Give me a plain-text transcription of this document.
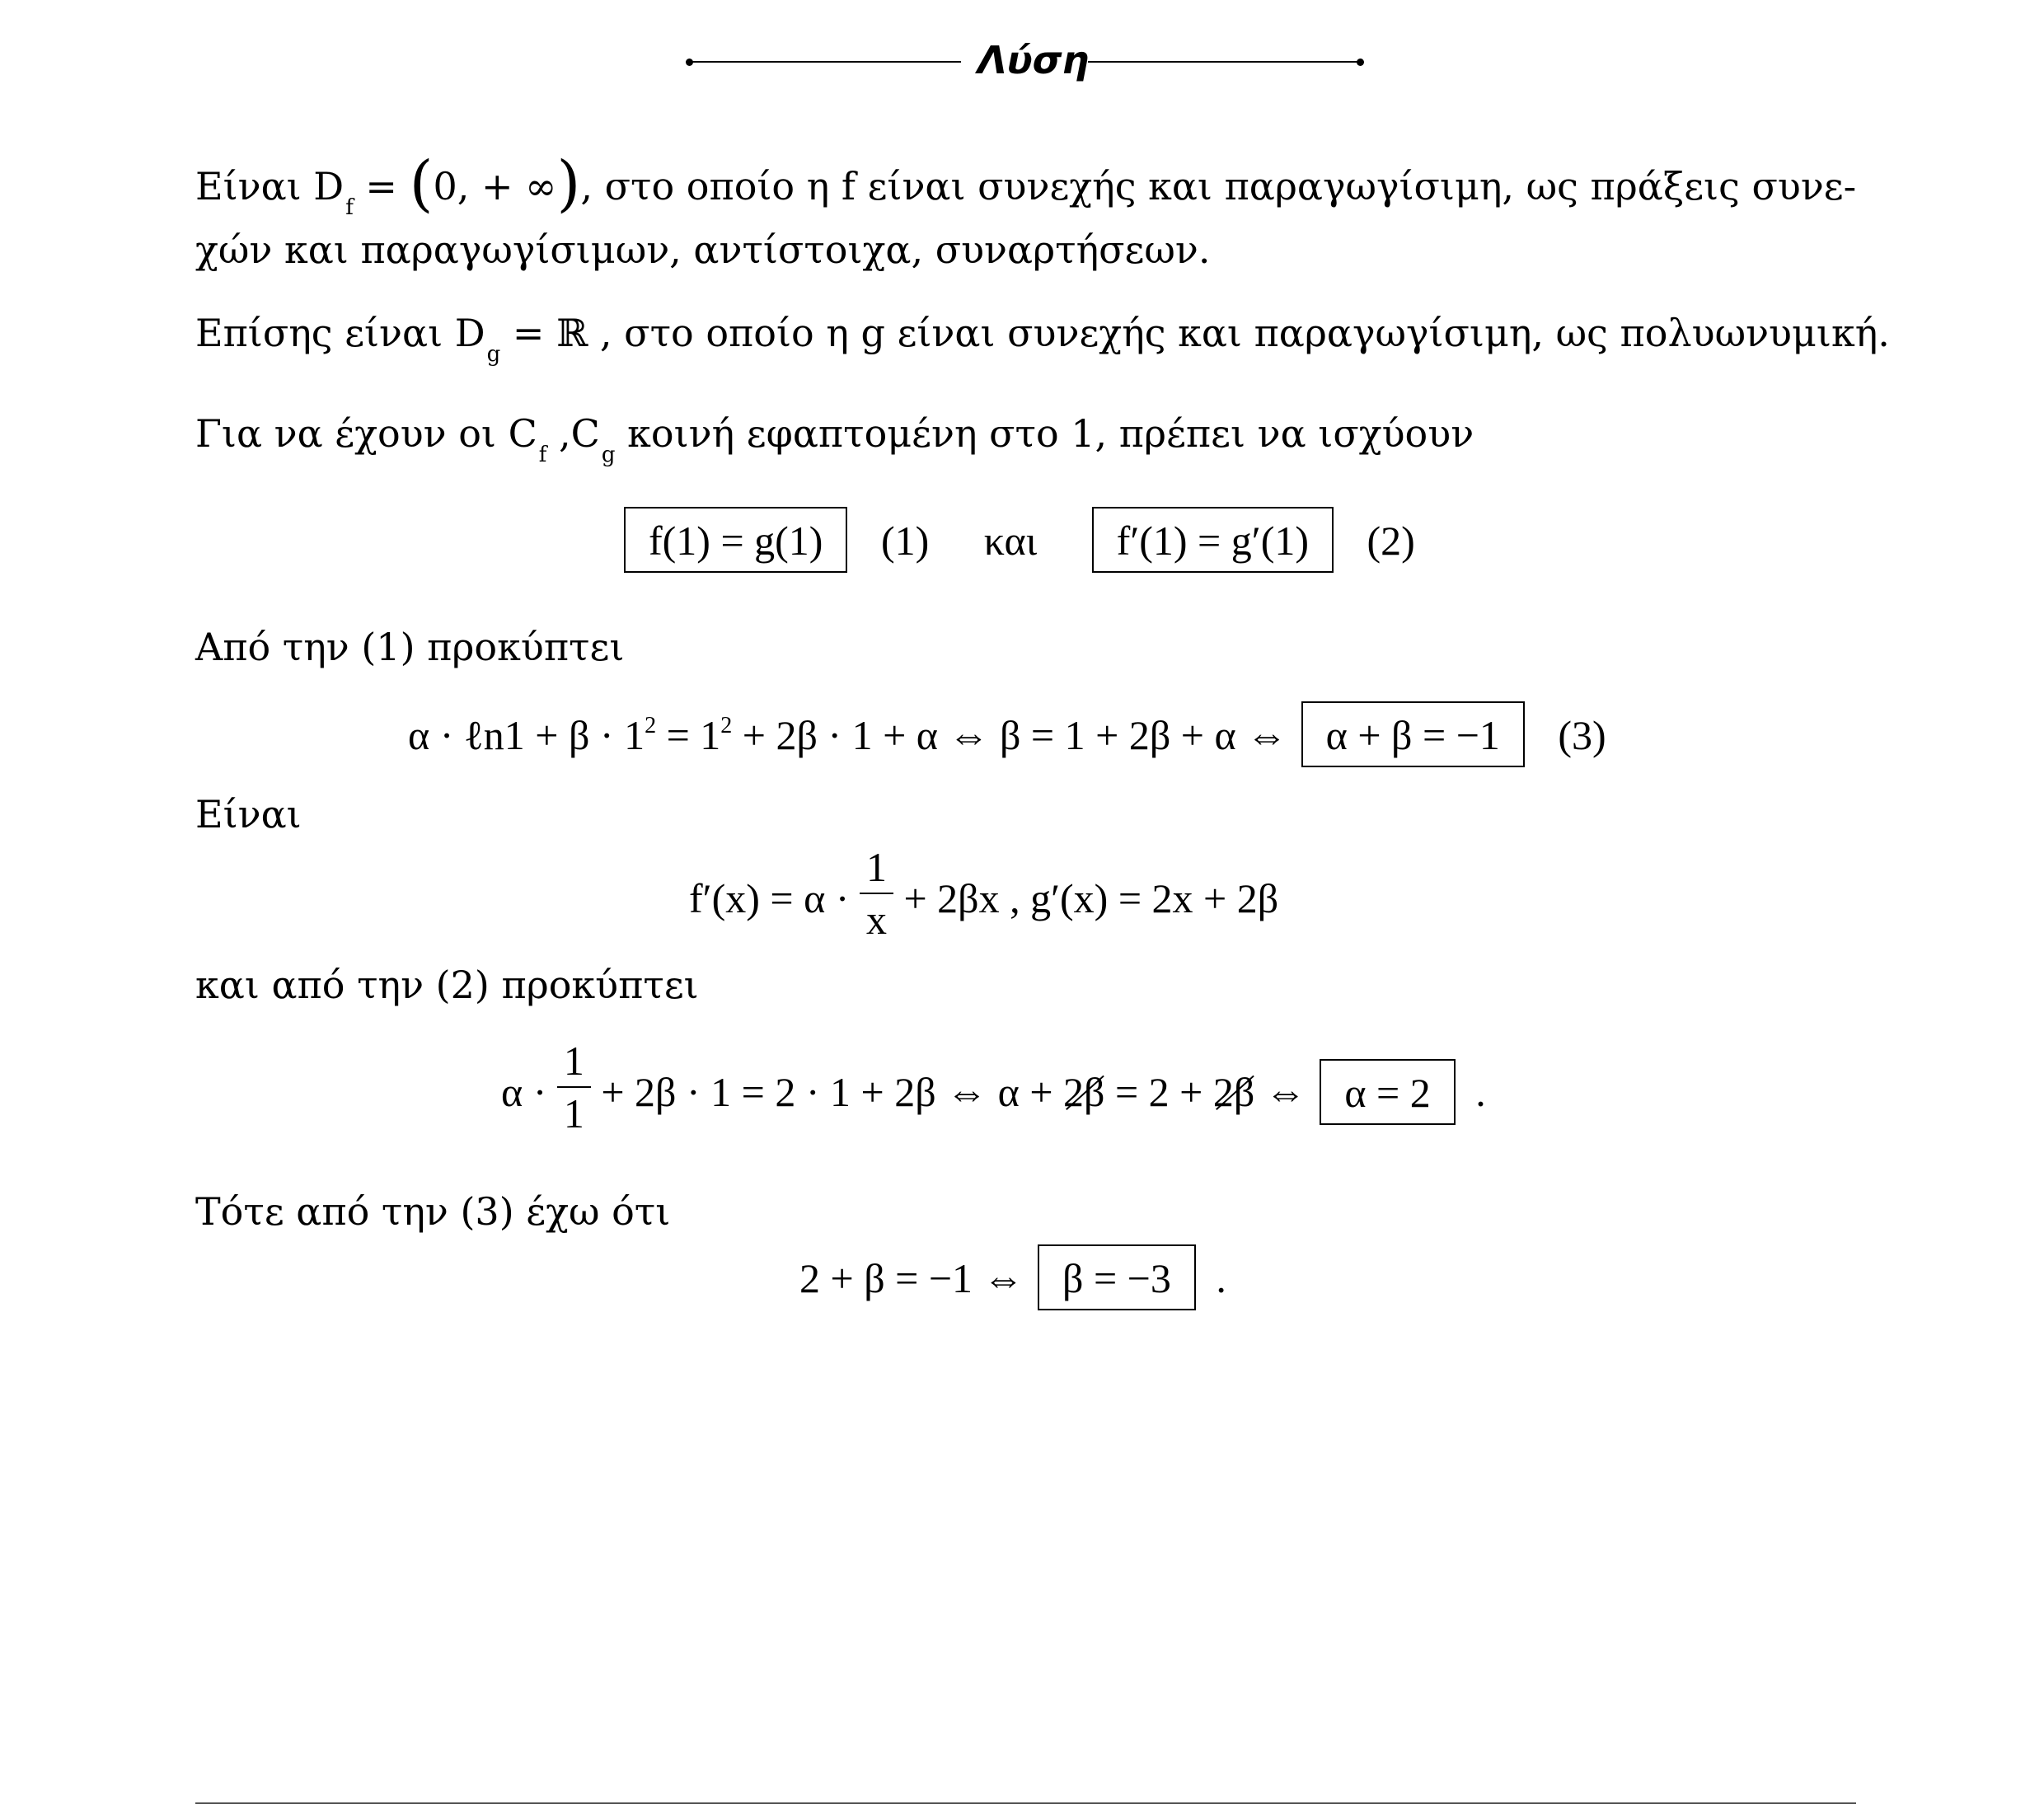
Λύση
Είναι $D_f = (0$, + ∞), στο οποίο η f είναι συνεχής και παραγωγίσιμη, ως πράξεις συνε-
χών και παραγωγίσιμων, αντίστοιχα, συναρτήσεων.
Επίσης είναι $D_g$ = ℝ , στο οποίο η g είναι συνεχής και παραγωγίσιμη, ως πολυωνυμική.
Για να έχουν οι $C_f$ $,C_g$ κοινή εφαπτομένη στο 1, πρέπει να ισχύουν
f(1) = g(1) (1) και f′(1) = g′(1) (2)
Από την (1) προκύπτει
α · ℓn1 + $\beta \cdot 1^2 = 1^2 + 2\beta \cdot 1 + \alpha$ ⇔ β = 1 + 2β + α ⇔ α + β = −1 (3)
Είναι
$f'(x) = \alpha \cdot \frac{1}{x} + 2\beta x$ , g′(x) = 2x + 2β
και από την (2) προκύπτει
$\alpha \cdot \frac{1}{1} + 2\beta \cdot 1 = 2 \cdot 1 + 2\beta$ ⇔ α + 2β = 2 + 2β ⇔ α = 2 .
Τότε από την (3) έχω ότι
2 + β = −1 ⇔ β = −3 .
